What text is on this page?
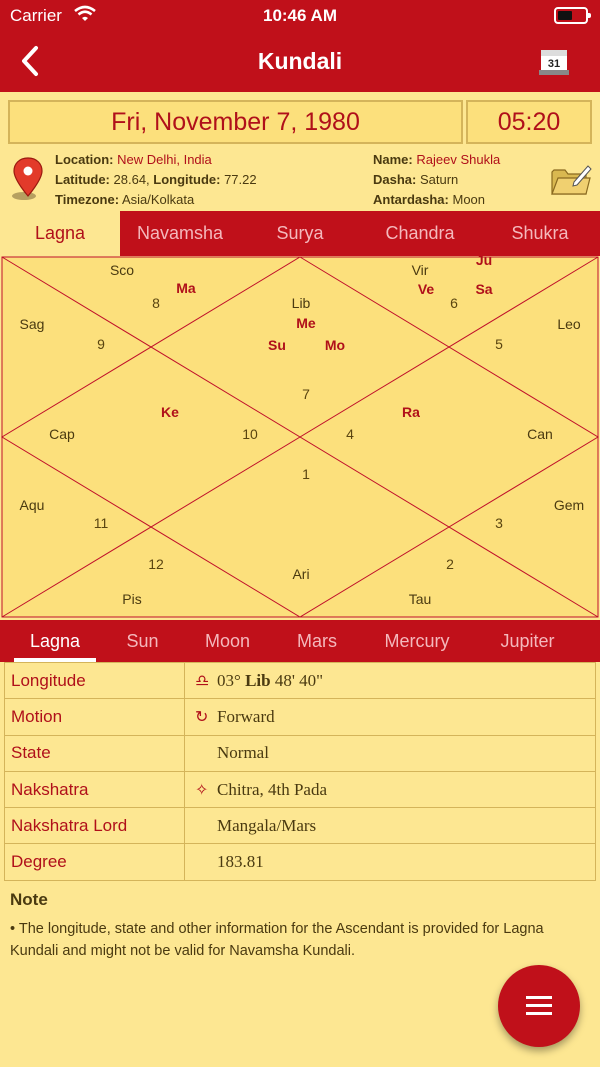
Carrier	10:46 AM
Kundali	31
Fri, November 7, 1980	05:20
Location: New Delhi, India
Latitude: 28.64, Longitude: 77.22
Timezone: Asia/Kolkata
Name: Rajeev Shukla
Dasha: Saturn
Antardasha: Moon
Lagna	Navamsha	Surya	Chandra	Shukra
1
2
3
4
5
6
7
8
9
10
11
12
Ari
Tau
Gem
Can
Leo
Vir
Lib
Sco
Sag
Cap
Aqu
Pis
Ju
Ve	Sa
Ma
Me
Su	Mo
Ke	Ra
Lagna	Sun	Moon	Mars	Mercury	Jupiter
Longitude	♎ 03° Lib 48' 40"
Motion	↻ Forward
State	Normal
Nakshatra	✧ Chitra, 4th Pada
Nakshatra Lord	Mangala/Mars
Degree	183.81
Note
• The longitude, state and other information for the Ascendant is provided for Lagna Kundali and might not be valid for Navamsha Kundali.
